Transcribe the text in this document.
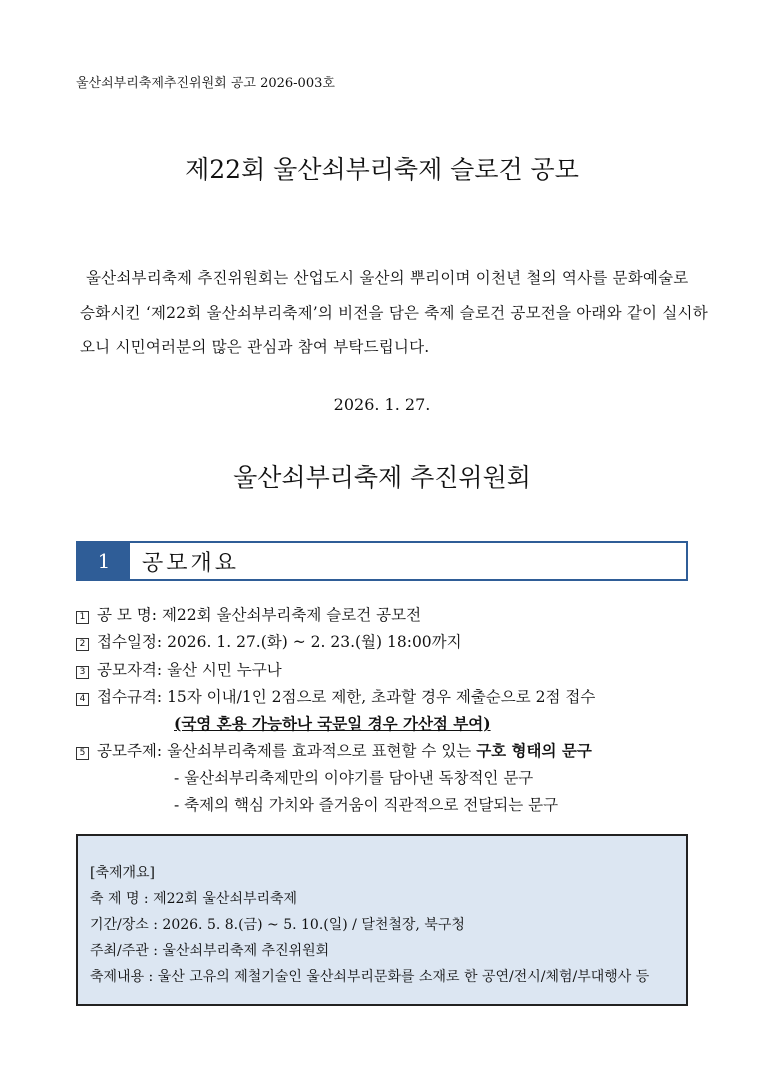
울산쇠부리축제추진위원회 공고 2026-003호
제22회 울산쇠부리축제 슬로건 공모
울산쇠부리축제 추진위원회는 산업도시 울산의 뿌리이며 이천년 철의 역사를 문화예술로
승화시킨 ‘제22회 울산쇠부리축제’의 비전을 담은 축제 슬로건 공모전을 아래와 같이 실시하
오니 시민여러분의 많은 관심과 참여 부탁드립니다.
2026. 1. 27.
울산쇠부리축제 추진위원회
1	공모개요
1 공 모 명: 제22회 울산쇠부리축제 슬로건 공모전
2 접수일정: 2026. 1. 27.(화) ~ 2. 23.(월) 18:00까지
3 공모자격: 울산 시민 누구나
4 접수규격: 15자 이내/1인 2점으로 제한, 초과할 경우 제출순으로 2점 접수
(국영 혼용 가능하나 국문일 경우 가산점 부여)
5 공모주제: 울산쇠부리축제를 효과적으로 표현할 수 있는 구호 형태의 문구
- 울산쇠부리축제만의 이야기를 담아낸 독창적인 문구
- 축제의 핵심 가치와 즐거움이 직관적으로 전달되는 문구
[축제개요]
축 제 명 : 제22회 울산쇠부리축제
기간/장소 : 2026. 5. 8.(금) ~ 5. 10.(일) / 달천철장, 북구청
주최/주관 : 울산쇠부리축제 추진위원회
축제내용 : 울산 고유의 제철기술인 울산쇠부리문화를 소재로 한 공연/전시/체험/부대행사 등
